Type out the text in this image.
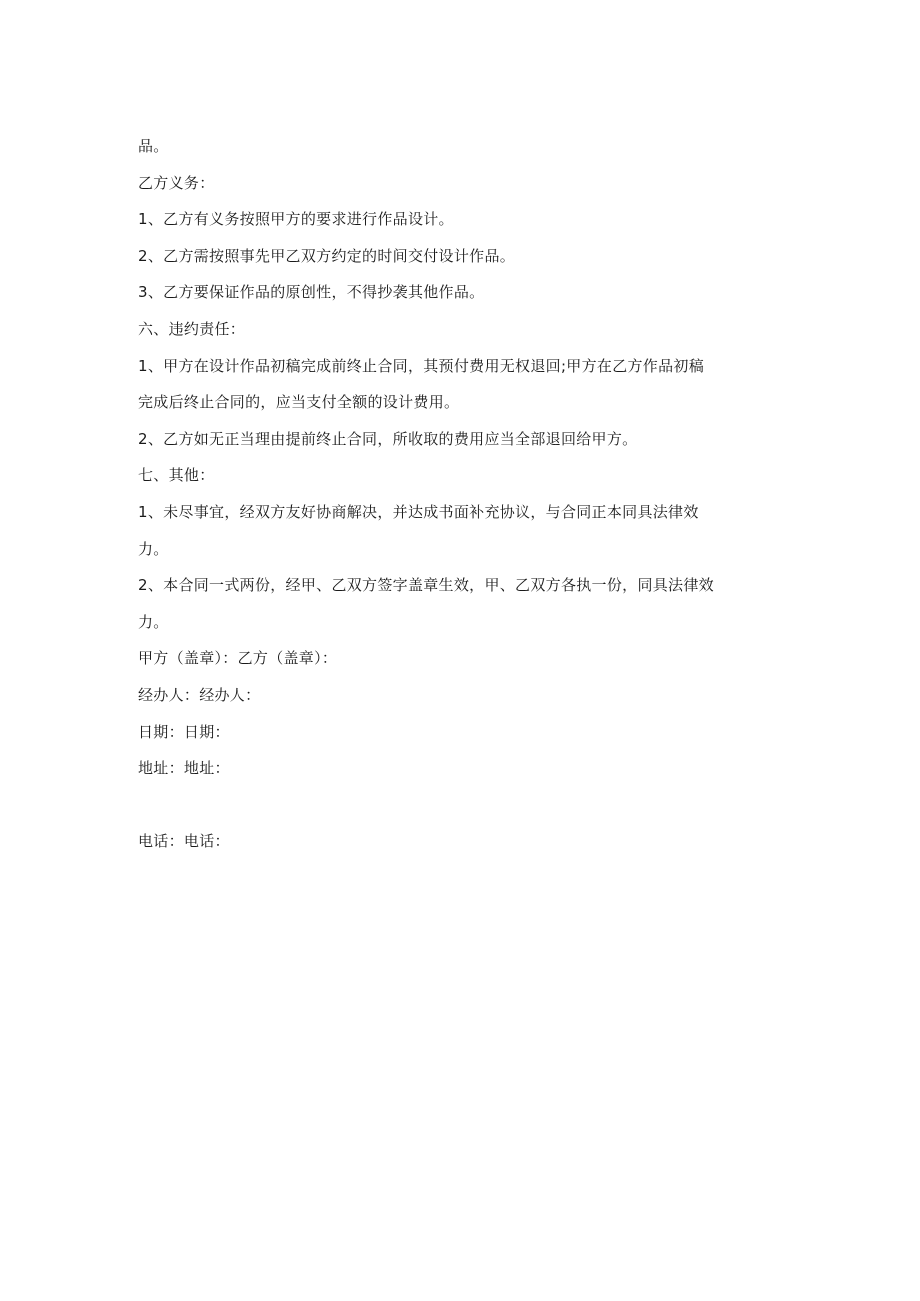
品。
乙方义务：
1、乙方有义务按照甲方的要求进行作品设计。
2、乙方需按照事先甲乙双方约定的时间交付设计作品。
3、乙方要保证作品的原创性，不得抄袭其他作品。
六、违约责任：
1、甲方在设计作品初稿完成前终止合同，其预付费用无权退回;甲方在乙方作品初稿
完成后终止合同的，应当支付全额的设计费用。
2、乙方如无正当理由提前终止合同，所收取的费用应当全部退回给甲方。
七、其他：
1、未尽事宜，经双方友好协商解决，并达成书面补充协议，与合同正本同具法律效
力。
2、本合同一式两份，经甲、乙双方签字盖章生效，甲、乙双方各执一份，同具法律效
力。
甲方（盖章）：乙方（盖章）：
经办人：经办人：
日期：日期：
地址：地址：
电话：电话：
